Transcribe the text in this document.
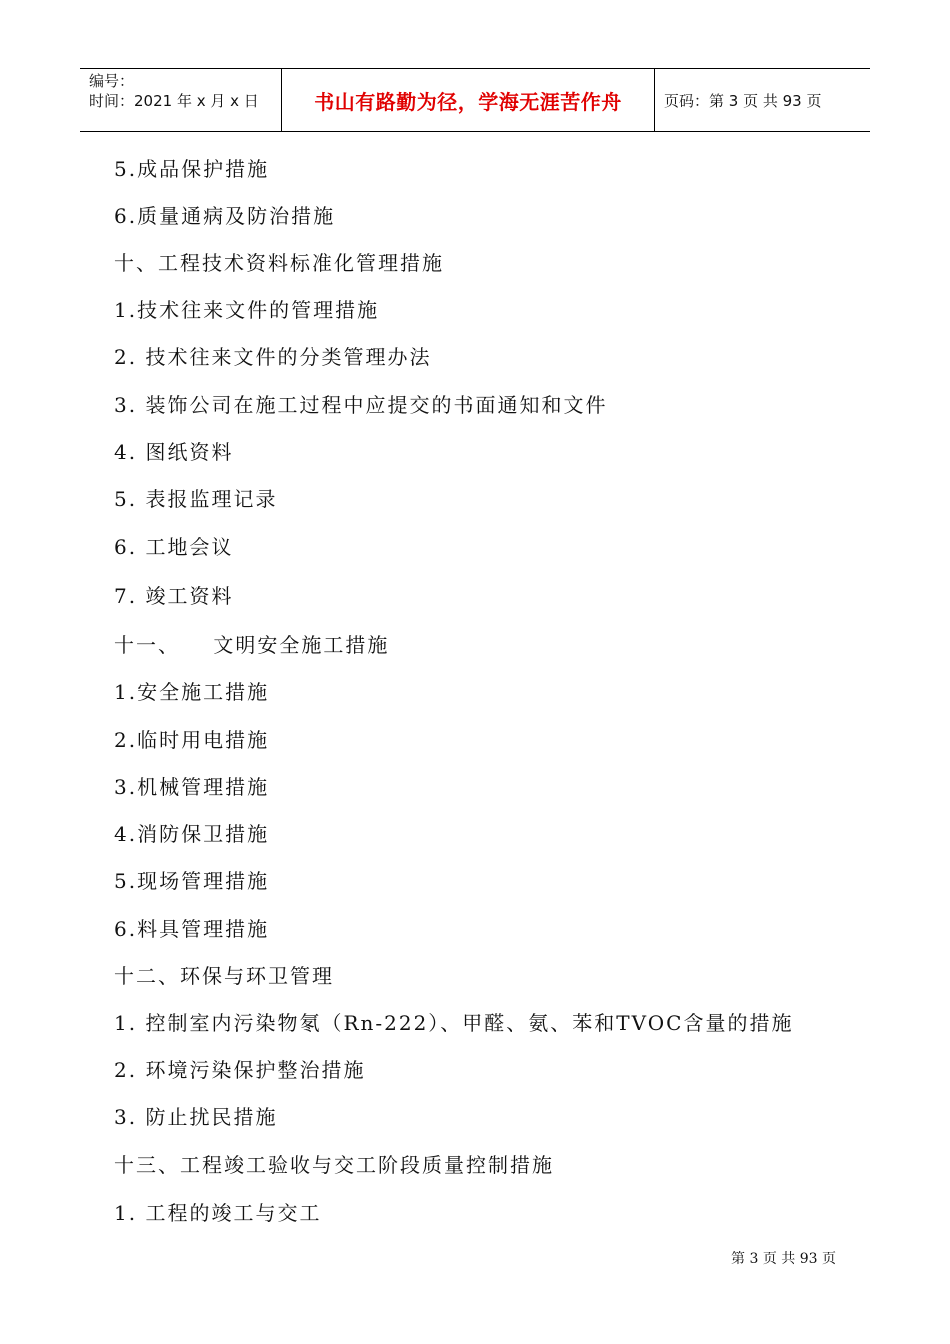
编号：
时间：2021 年 x 月 x 日	书山有路勤为径，学海无涯苦作舟	页码：第 3 页 共 93 页
5.成品保护措施
6.质量通病及防治措施
十、工程技术资料标准化管理措施
1.技术往来文件的管理措施
2. 技术往来文件的分类管理办法
3. 装饰公司在施工过程中应提交的书面通知和文件
4. 图纸资料
5. 表报监理记录
6. 工地会议
7. 竣工资料
十一、    文明安全施工措施
1.安全施工措施
2.临时用电措施
3.机械管理措施
4.消防保卫措施
5.现场管理措施
6.料具管理措施
十二、环保与环卫管理
1. 控制室内污染物氡（Rn-222）、甲醛、氨、苯和TVOC含量的措施
2. 环境污染保护整治措施
3. 防止扰民措施
十三、工程竣工验收与交工阶段质量控制措施
1. 工程的竣工与交工
第 3 页 共 93 页
